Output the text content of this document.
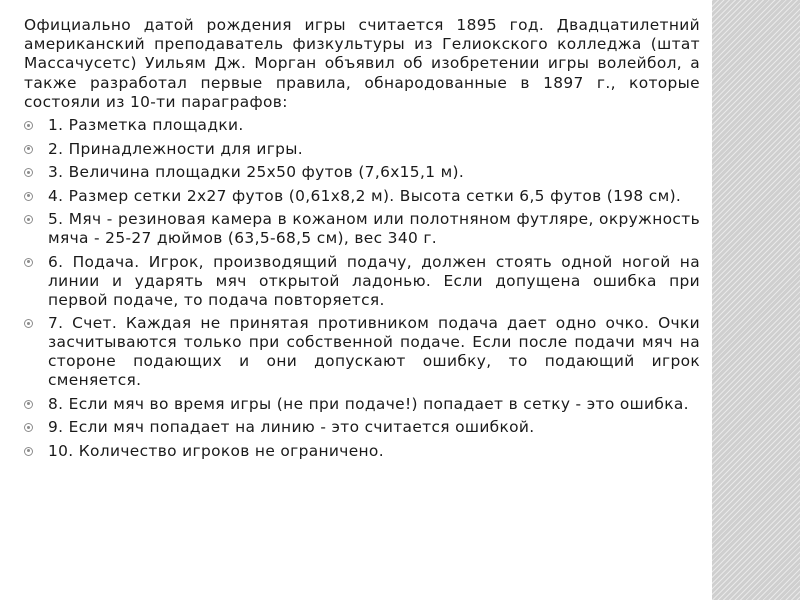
Официально датой рождения игры считается 1895 год. Двадцатилетний американский преподаватель физкультуры из Гелиокского колледжа (штат Массачусетс) Уильям Дж. Морган объявил об изобретении игры волейбол, а также разработал первые правила, обнародованные в 1897 г., которые состояли из 10-ти параграфов:

1. Разметка площадки.
2. Принадлежности для игры.
3. Величина площадки 25x50 футов (7,6x15,1 м).
4. Размер сетки 2x27 футов (0,61x8,2 м). Высота сетки 6,5 футов (198 см).
5. Мяч - резиновая камера в кожаном или полотняном футляре, окружность мяча - 25-27 дюймов (63,5-68,5 см), вес 340 г.
6. Подача. Игрок, производящий подачу, должен стоять одной ногой на линии и ударять мяч открытой ладонью. Если допущена ошибка при первой подаче, то подача повторяется.
7. Счет. Каждая не принятая противником подача дает одно очко. Очки засчитываются только при собственной подаче. Если после подачи мяч на стороне подающих и они допускают ошибку, то подающий игрок сменяется.
8. Если мяч во время игры (не при подаче!) попадает в сетку - это ошибка.
9. Если мяч попадает на линию - это считается ошибкой.
10. Количество игроков не ограничено.
